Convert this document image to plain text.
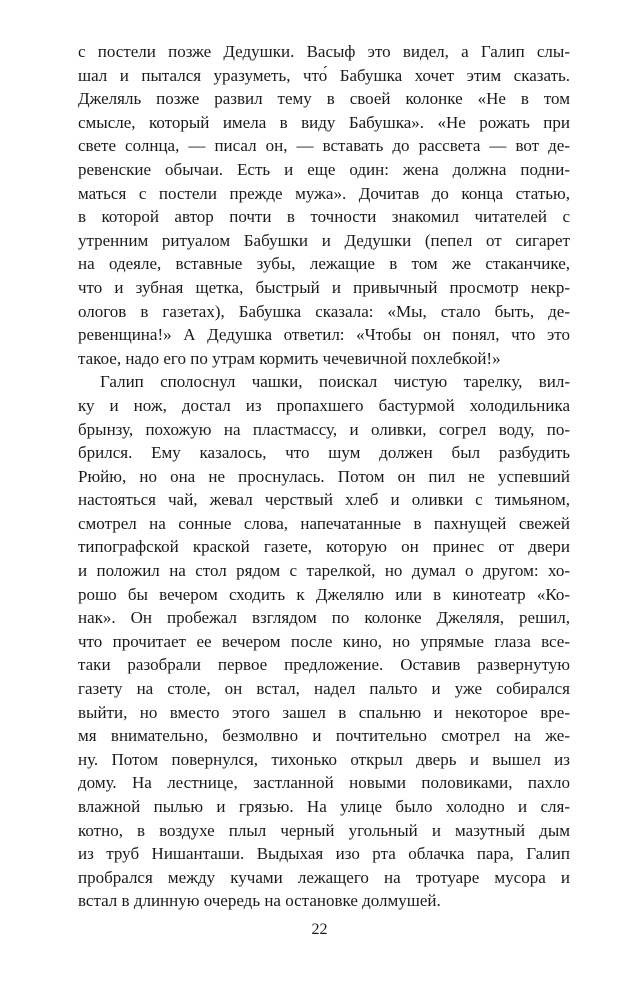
с постели позже Дедушки. Васыф это видел, а Галип слы-
шал и пытался уразуметь, что́ Бабушка хочет этим сказать.
Джеляль позже развил тему в своей колонке «Не в том
смысле, который имела в виду Бабушка». «Не рожать при
свете солнца, — писал он, — вставать до рассвета — вот де-
ревенские обычаи. Есть и еще один: жена должна подни-
маться с постели прежде мужа». Дочитав до конца статью,
в которой автор почти в точности знакомил читателей с
утренним ритуалом Бабушки и Дедушки (пепел от сигарет
на одеяле, вставные зубы, лежащие в том же стаканчике,
что и зубная щетка, быстрый и привычный просмотр некр-
ологов в газетах), Бабушка сказала: «Мы, стало быть, де-
ревенщина!» А Дедушка ответил: «Чтобы он понял, что это
такое, надо его по утрам кормить чечевичной похлебкой!»
Галип сполоснул чашки, поискал чистую тарелку, вил-
ку и нож, достал из пропахшего бастурмой холодильника
брынзу, похожую на пластмассу, и оливки, согрел воду, по-
брился. Ему казалось, что шум должен был разбудить
Рюйю, но она не проснулась. Потом он пил не успевший
настояться чай, жевал черствый хлеб и оливки с тимьяном,
смотрел на сонные слова, напечатанные в пахнущей свежей
типографской краской газете, которую он принес от двери
и положил на стол рядом с тарелкой, но думал о другом: хо-
рошо бы вечером сходить к Джелялю или в кинотеатр «Ко-
нак». Он пробежал взглядом по колонке Джеляля, решил,
что прочитает ее вечером после кино, но упрямые глаза все-
таки разобрали первое предложение. Оставив развернутую
газету на столе, он встал, надел пальто и уже собирался
выйти, но вместо этого зашел в спальню и некоторое вре-
мя внимательно, безмолвно и почтительно смотрел на же-
ну. Потом повернулся, тихонько открыл дверь и вышел из
дому. На лестнице, застланной новыми половиками, пахло
влажной пылью и грязью. На улице было холодно и сля-
котно, в воздухе плыл черный угольный и мазутный дым
из труб Нишанташи. Выдыхая изо рта облачка пара, Галип
пробрался между кучами лежащего на тротуаре мусора и
встал в длинную очередь на остановке долмушей.
22
